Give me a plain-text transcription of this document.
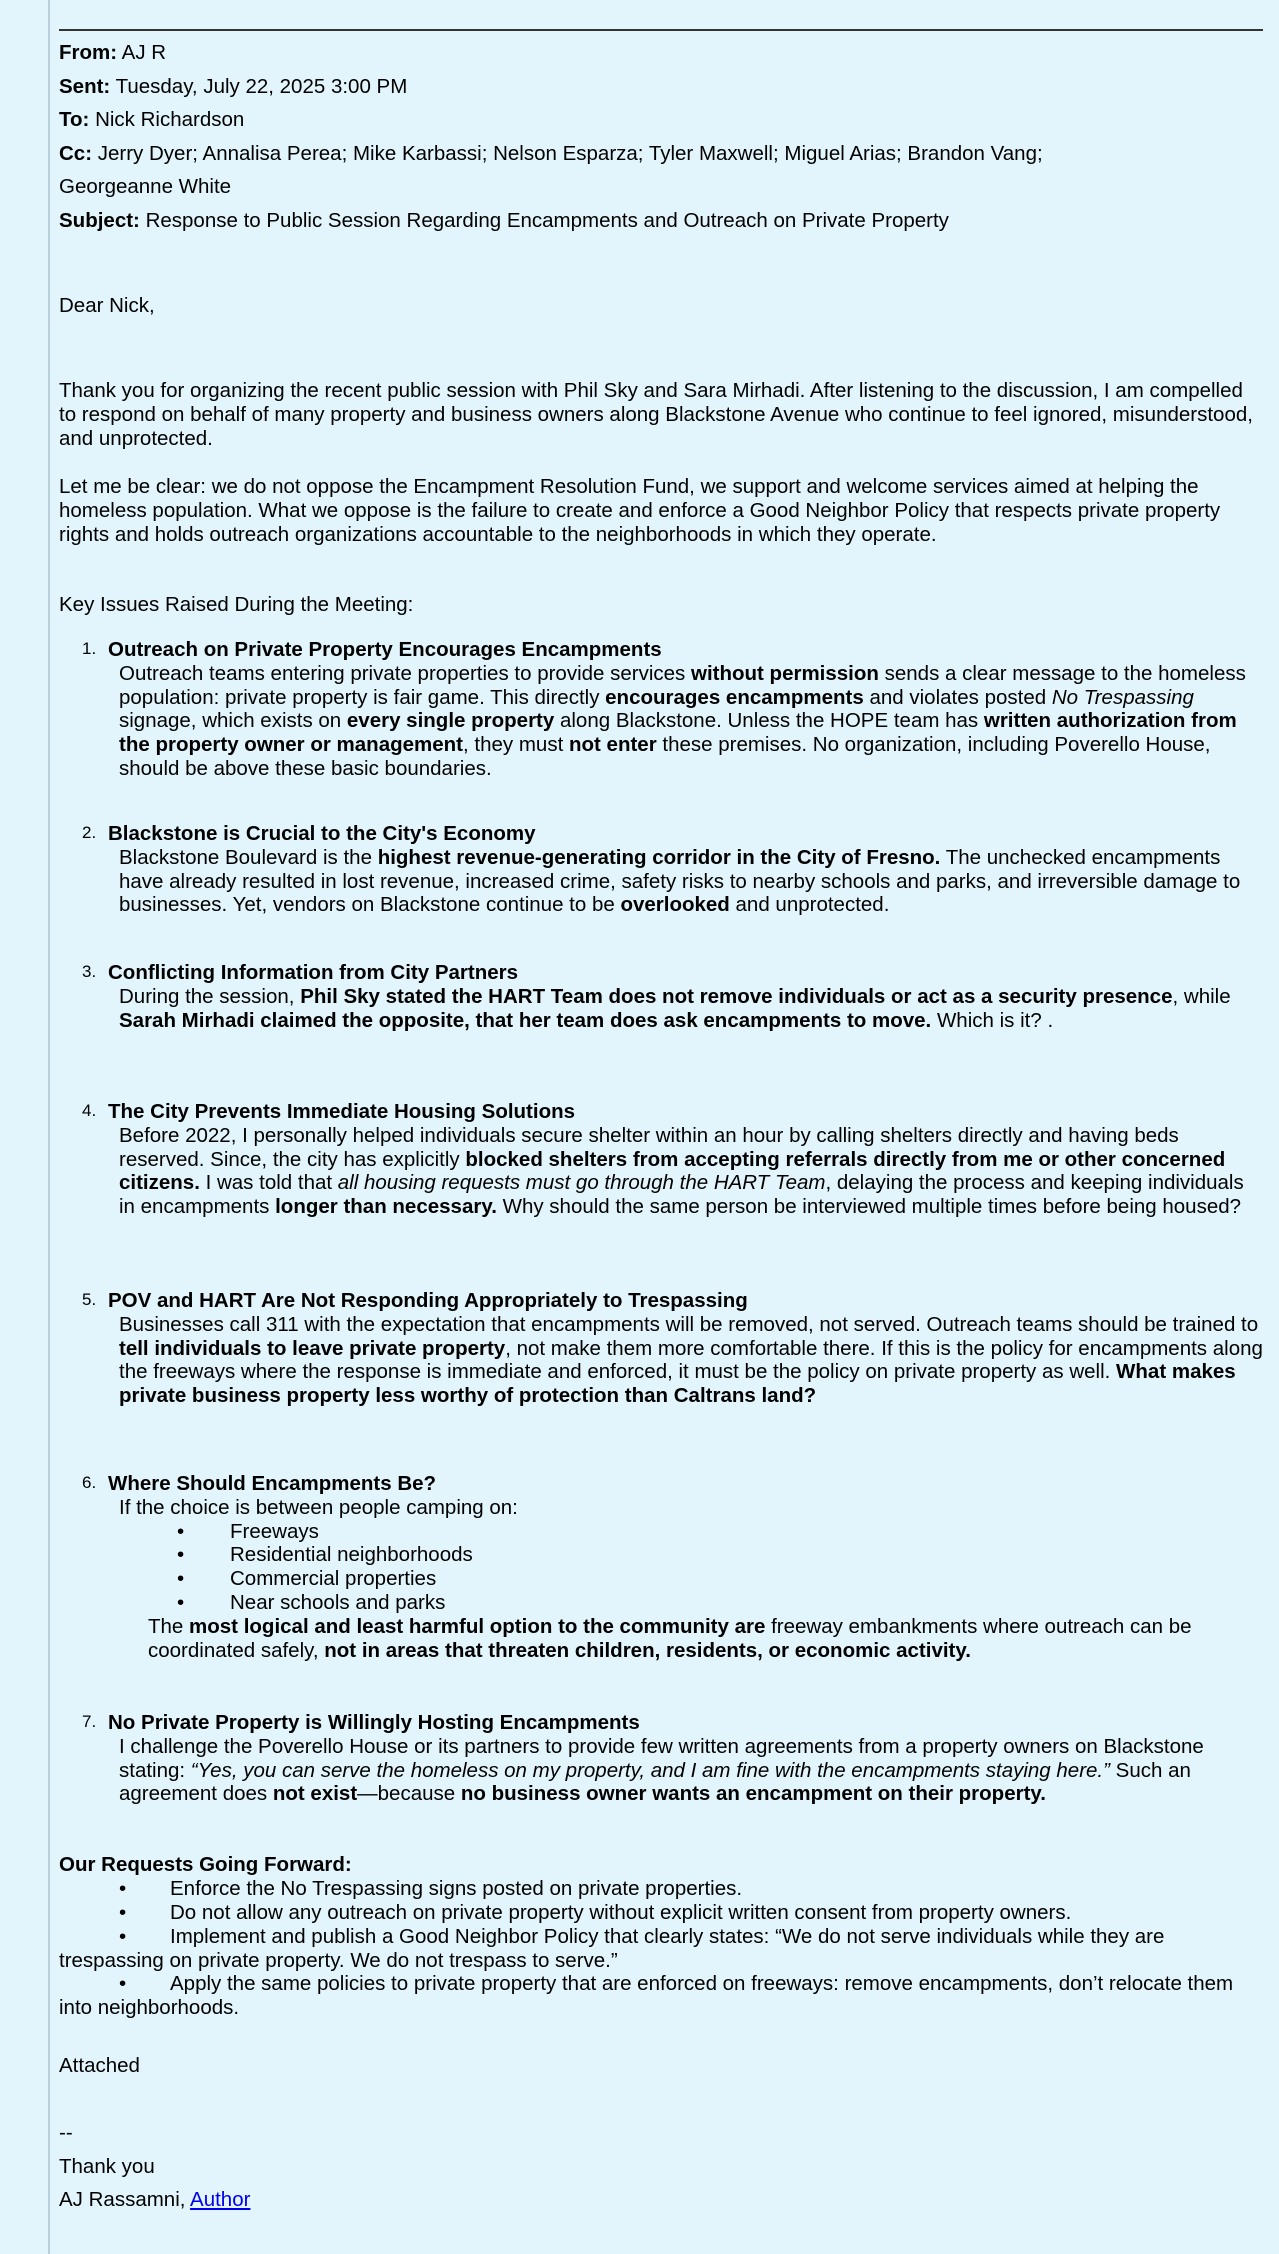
From: AJ R
Sent: Tuesday, July 22, 2025 3:00 PM
To: Nick Richardson
Cc: Jerry Dyer; Annalisa Perea; Mike Karbassi; Nelson Esparza; Tyler Maxwell; Miguel Arias; Brandon Vang; Georgeanne White
Subject: Response to Public Session Regarding Encampments and Outreach on Private Property
Dear Nick,
Thank you for organizing the recent public session with Phil Sky and Sara Mirhadi. After listening to the discussion, I am compelled to respond on behalf of many property and business owners along Blackstone Avenue who continue to feel ignored, misunderstood, and unprotected.
Let me be clear: we do not oppose the Encampment Resolution Fund, we support and welcome services aimed at helping the homeless population. What we oppose is the failure to create and enforce a Good Neighbor Policy that respects private property rights and holds outreach organizations accountable to the neighborhoods in which they operate.
Key Issues Raised During the Meeting:
1. Outreach on Private Property Encourages Encampments
Outreach teams entering private properties to provide services without permission sends a clear message to the homeless population: private property is fair game. This directly encourages encampments and violates posted No Trespassing signage, which exists on every single property along Blackstone. Unless the HOPE team has written authorization from the property owner or management, they must not enter these premises. No organization, including Poverello House, should be above these basic boundaries.
2. Blackstone is Crucial to the City's Economy
Blackstone Boulevard is the highest revenue-generating corridor in the City of Fresno. The unchecked encampments have already resulted in lost revenue, increased crime, safety risks to nearby schools and parks, and irreversible damage to businesses. Yet, vendors on Blackstone continue to be overlooked and unprotected.
3. Conflicting Information from City Partners
During the session, Phil Sky stated the HART Team does not remove individuals or act as a security presence, while Sarah Mirhadi claimed the opposite, that her team does ask encampments to move. Which is it? .
4. The City Prevents Immediate Housing Solutions
Before 2022, I personally helped individuals secure shelter within an hour by calling shelters directly and having beds reserved. Since, the city has explicitly blocked shelters from accepting referrals directly from me or other concerned citizens. I was told that all housing requests must go through the HART Team, delaying the process and keeping individuals in encampments longer than necessary. Why should the same person be interviewed multiple times before being housed?
5. POV and HART Are Not Responding Appropriately to Trespassing
Businesses call 311 with the expectation that encampments will be removed, not served. Outreach teams should be trained to tell individuals to leave private property, not make them more comfortable there. If this is the policy for encampments along the freeways where the response is immediate and enforced, it must be the policy on private property as well. What makes private business property less worthy of protection than Caltrans land?
6. Where Should Encampments Be?
If the choice is between people camping on:
• Freeways
• Residential neighborhoods
• Commercial properties
• Near schools and parks
The most logical and least harmful option to the community are freeway embankments where outreach can be coordinated safely, not in areas that threaten children, residents, or economic activity.
7. No Private Property is Willingly Hosting Encampments
I challenge the Poverello House or its partners to provide few written agreements from a property owners on Blackstone stating: “Yes, you can serve the homeless on my property, and I am fine with the encampments staying here.” Such an agreement does not exist—because no business owner wants an encampment on their property.
Our Requests Going Forward:
•	Enforce the No Trespassing signs posted on private properties.
•	Do not allow any outreach on private property without explicit written consent from property owners.
•	Implement and publish a Good Neighbor Policy that clearly states: “We do not serve individuals while they are trespassing on private property. We do not trespass to serve.”
•	Apply the same policies to private property that are enforced on freeways: remove encampments, don’t relocate them into neighborhoods.
Attached
--
Thank you
AJ Rassamni, Author
